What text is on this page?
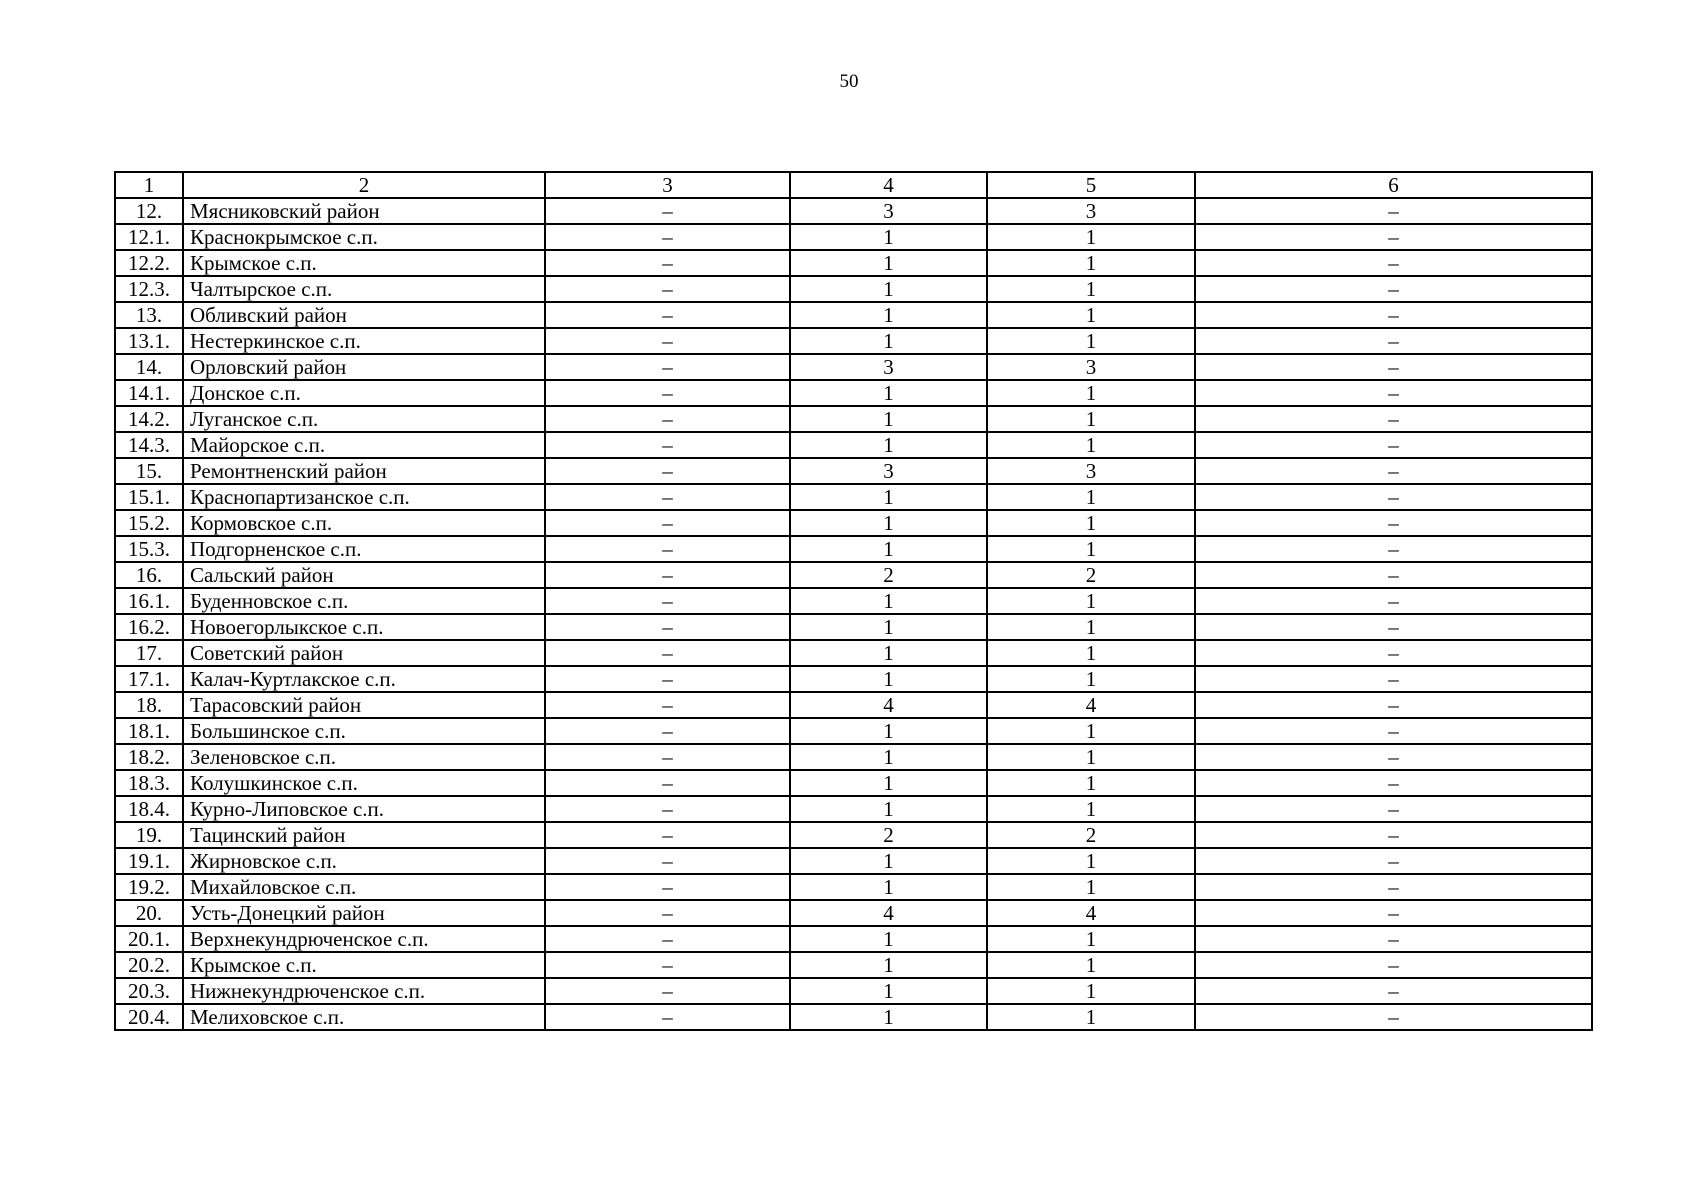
50
1	2	3	4	5	6
12.	Мясниковский район	–	3	3	–
12.1.	Краснокрымское с.п.	–	1	1	–
12.2.	Крымское с.п.	–	1	1	–
12.3.	Чалтырское с.п.	–	1	1	–
13.	Обливский район	–	1	1	–
13.1.	Нестеркинское с.п.	–	1	1	–
14.	Орловский район	–	3	3	–
14.1.	Донское с.п.	–	1	1	–
14.2.	Луганское с.п.	–	1	1	–
14.3.	Майорское с.п.	–	1	1	–
15.	Ремонтненский район	–	3	3	–
15.1.	Краснопартизанское с.п.	–	1	1	–
15.2.	Кормовское с.п.	–	1	1	–
15.3.	Подгорненское с.п.	–	1	1	–
16.	Сальский район	–	2	2	–
16.1.	Буденновское с.п.	–	1	1	–
16.2.	Новоегорлыкское с.п.	–	1	1	–
17.	Советский район	–	1	1	–
17.1.	Калач-Куртлакское с.п.	–	1	1	–
18.	Тарасовский район	–	4	4	–
18.1.	Большинское с.п.	–	1	1	–
18.2.	Зеленовское с.п.	–	1	1	–
18.3.	Колушкинское с.п.	–	1	1	–
18.4.	Курно-Липовское с.п.	–	1	1	–
19.	Тацинский район	–	2	2	–
19.1.	Жирновское с.п.	–	1	1	–
19.2.	Михайловское с.п.	–	1	1	–
20.	Усть-Донецкий район	–	4	4	–
20.1.	Верхнекундрюченское с.п.	–	1	1	–
20.2.	Крымское с.п.	–	1	1	–
20.3.	Нижнекундрюченское с.п.	–	1	1	–
20.4.	Мелиховское с.п.	–	1	1	–
